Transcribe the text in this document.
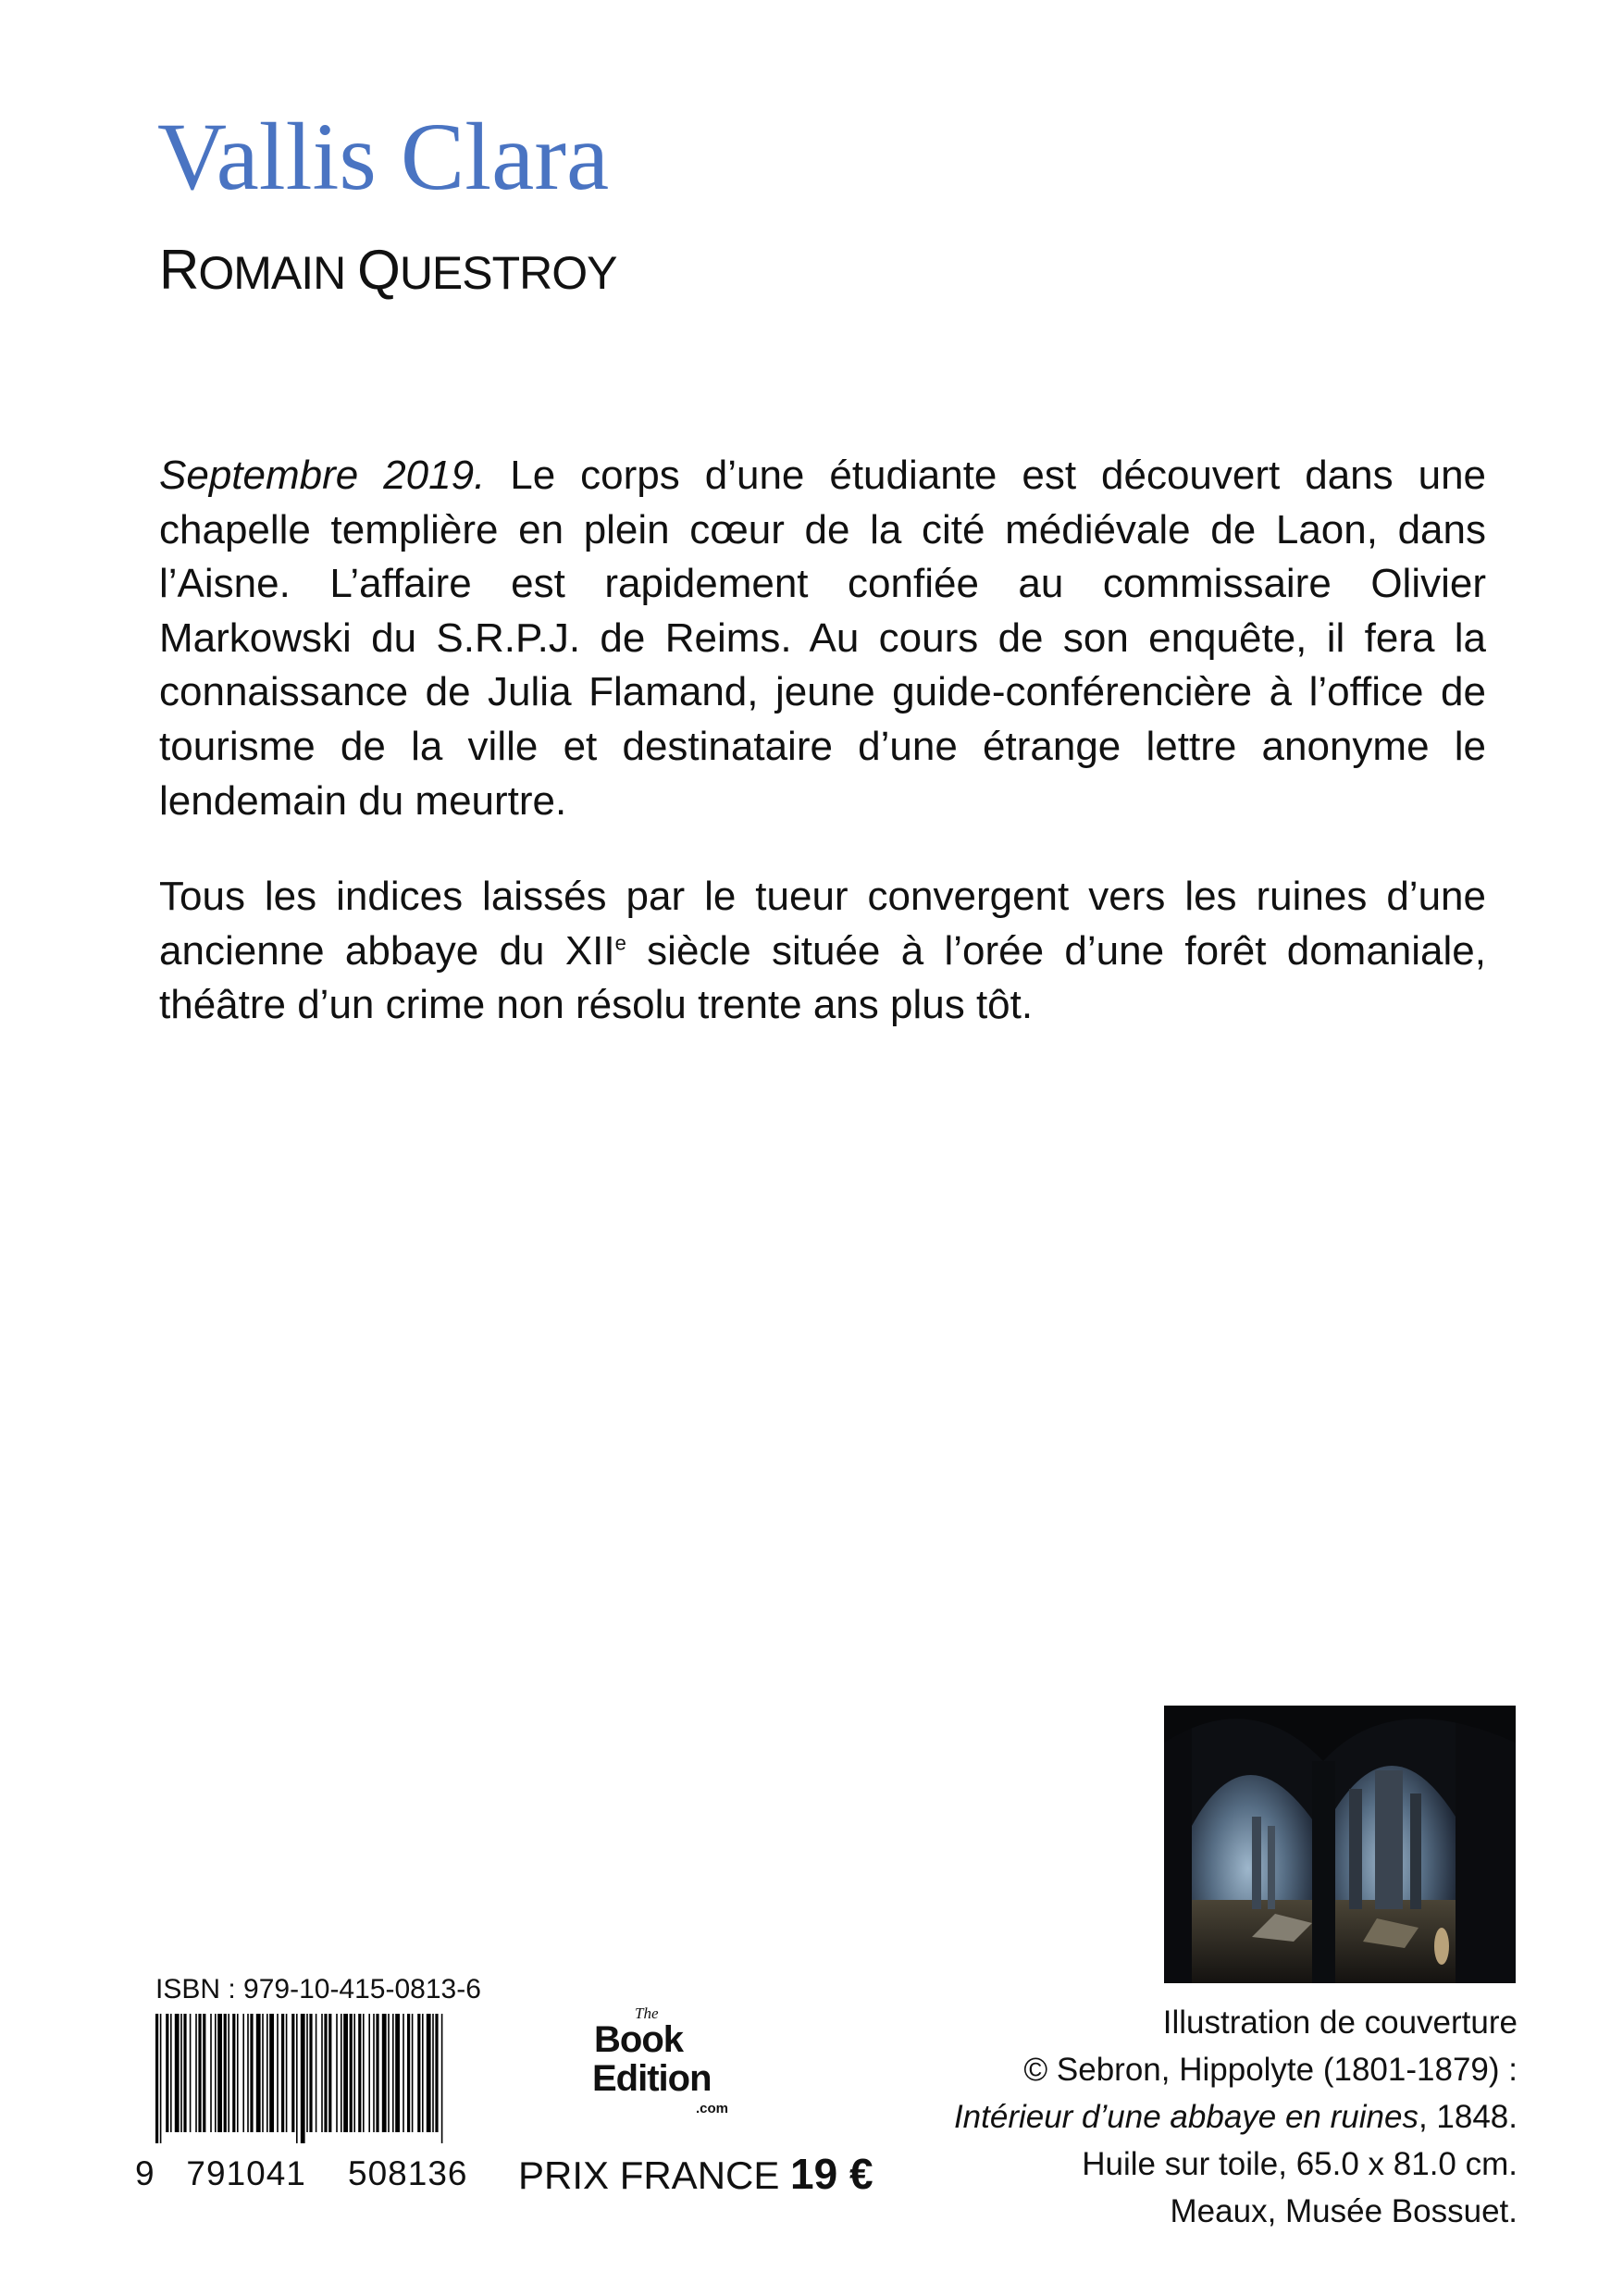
Vallis Clara
ROMAIN QUESTROY

Septembre 2019. Le corps d’une étudiante est découvert dans une chapelle templière en plein cœur de la cité médiévale de Laon, dans l’Aisne. L’affaire est rapidement confiée au commissaire Olivier Markowski du S.R.P.J. de Reims. Au cours de son enquête, il fera la connaissance de Julia Flamand, jeune guide-conférencière à l’office de tourisme de la ville et destinataire d’une étrange lettre anonyme le lendemain du meurtre.

Tous les indices laissés par le tueur convergent vers les ruines d’une ancienne abbaye du XIIe siècle située à l’orée d’une forêt domaniale, théâtre d’un crime non résolu trente ans plus tôt.

Illustration de couverture
© Sebron, Hippolyte (1801-1879) :
Intérieur d’une abbaye en ruines, 1848.
Huile sur toile, 65.0 x 81.0 cm.
Meaux, Musée Bossuet.
ISBN : 979-10-415-0813-6
9 791041 508136
The
Book
Edition
.com
PRIX FRANCE 19 €
